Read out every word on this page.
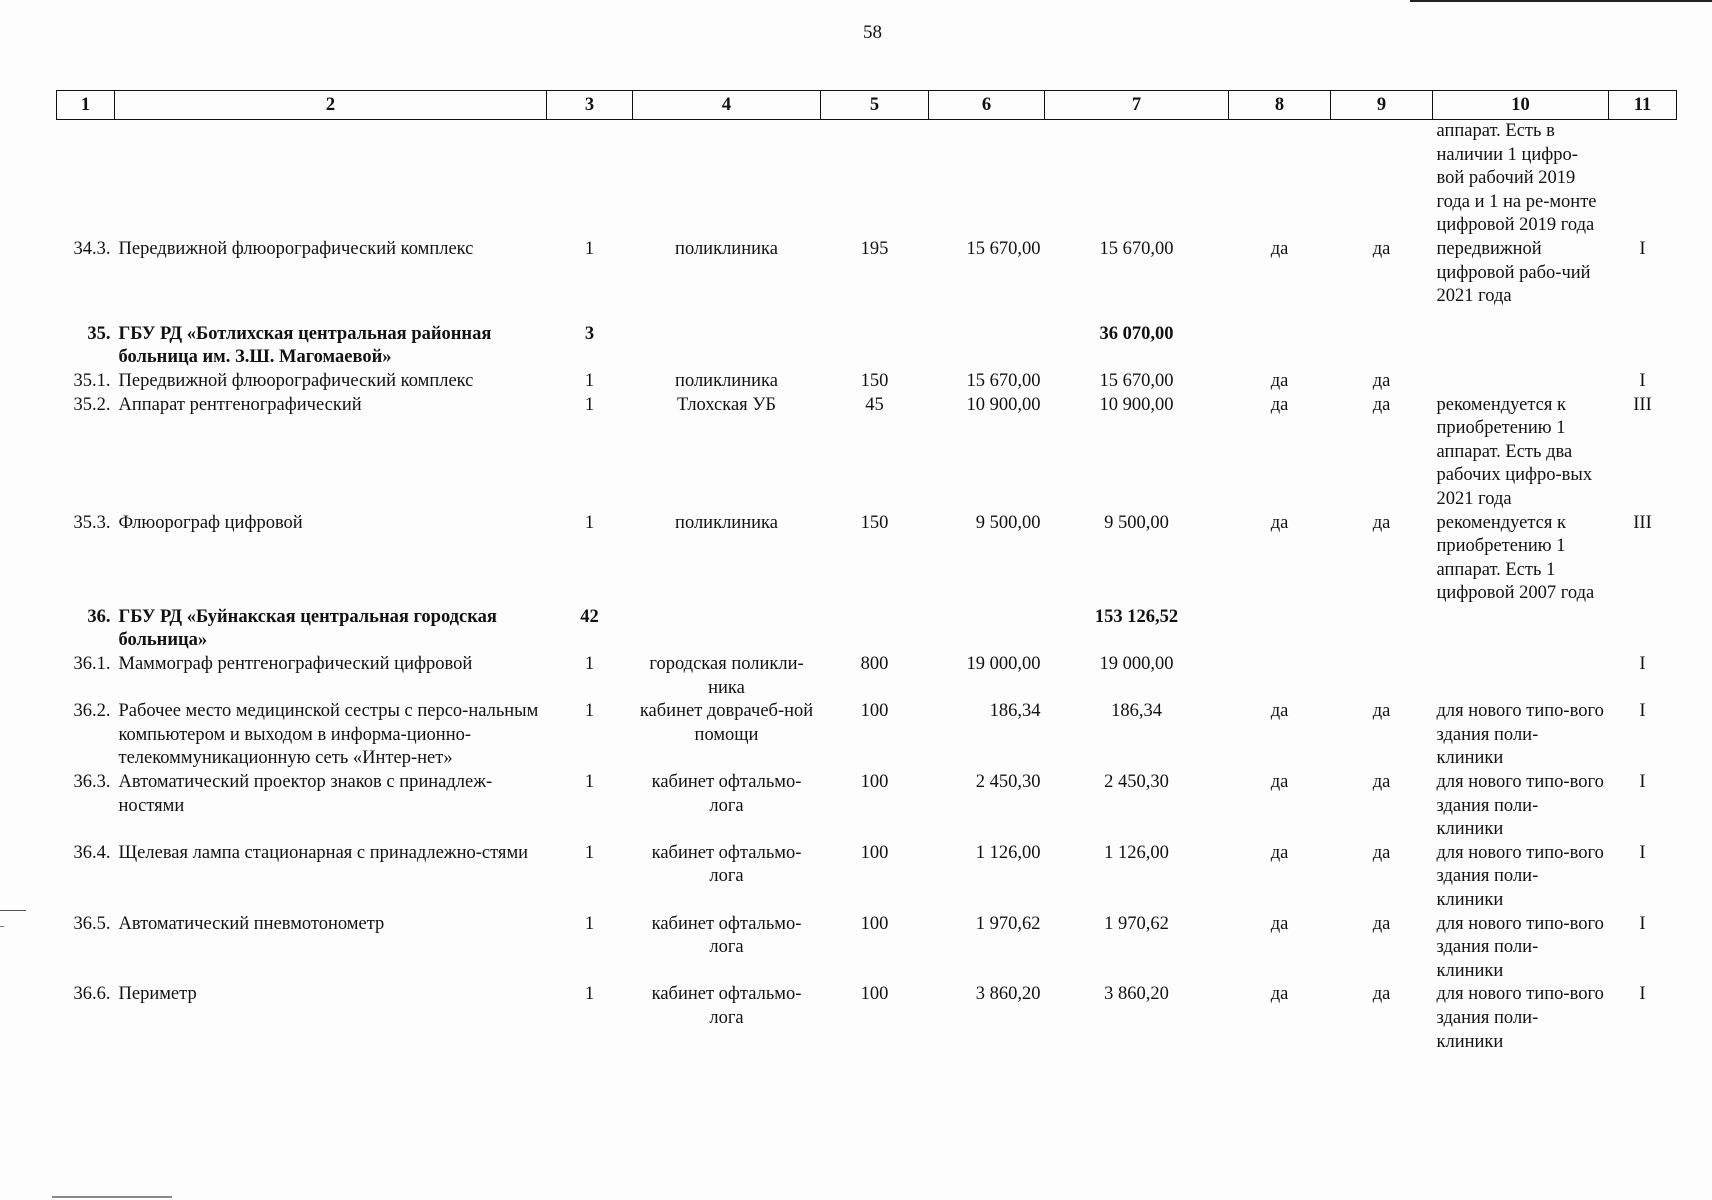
58
1	2	3	4	5	6	7	8	9	10	11
									аппарат. Есть в наличии 1 цифро-вой рабочий 2019 года и 1 на ре-монте цифровой 2019 года	
34.3.	Передвижной флюорографический комплекс	1	поликлиника	195	15 670,00	15 670,00	да	да	передвижной цифровой рабо-чий 2021 года	I

35.	ГБУ РД «Ботлихская центральная районная больница им. З.Ш. Магомаевой»	3				36 070,00				
35.1.	Передвижной флюорографический комплекс	1	поликлиника	150	15 670,00	15 670,00	да	да		I
35.2.	Аппарат рентгенографический	1	Тлохская УБ	45	10 900,00	10 900,00	да	да	рекомендуется к приобретению 1 аппарат. Есть два рабочих цифро-вых 2021 года	III
35.3.	Флюорограф цифровой	1	поликлиника	150	9 500,00	9 500,00	да	да	рекомендуется к приобретению 1 аппарат. Есть 1 цифровой 2007 года	III
36.	ГБУ РД «Буйнакская центральная городская больница»	42				153 126,52				
36.1.	Маммограф рентгенографический цифровой	1	городская поликли-ника	800	19 000,00	19 000,00				I
36.2.	Рабочее место медицинской сестры с персо-нальным компьютером и выходом в информа-ционно-телекоммуникационную сеть «Интер-нет»	1	кабинет доврачеб-ной помощи	100	186,34	186,34	да	да	для нового типо-вого здания поли-клиники	I
36.3.	Автоматический проектор знаков с принадлеж-ностями	1	кабинет офтальмо-лога	100	2 450,30	2 450,30	да	да	для нового типо-вого здания поли-клиники	I
36.4.	Щелевая лампа стационарная с принадлежно-стями	1	кабинет офтальмо-лога	100	1 126,00	1 126,00	да	да	для нового типо-вого здания поли-клиники	I
36.5.	Автоматический пневмотонометр	1	кабинет офтальмо-лога	100	1 970,62	1 970,62	да	да	для нового типо-вого здания поли-клиники	I
36.6.	Периметр	1	кабинет офтальмо-лога	100	3 860,20	3 860,20	да	да	для нового типо-вого здания поли-клиники	I
